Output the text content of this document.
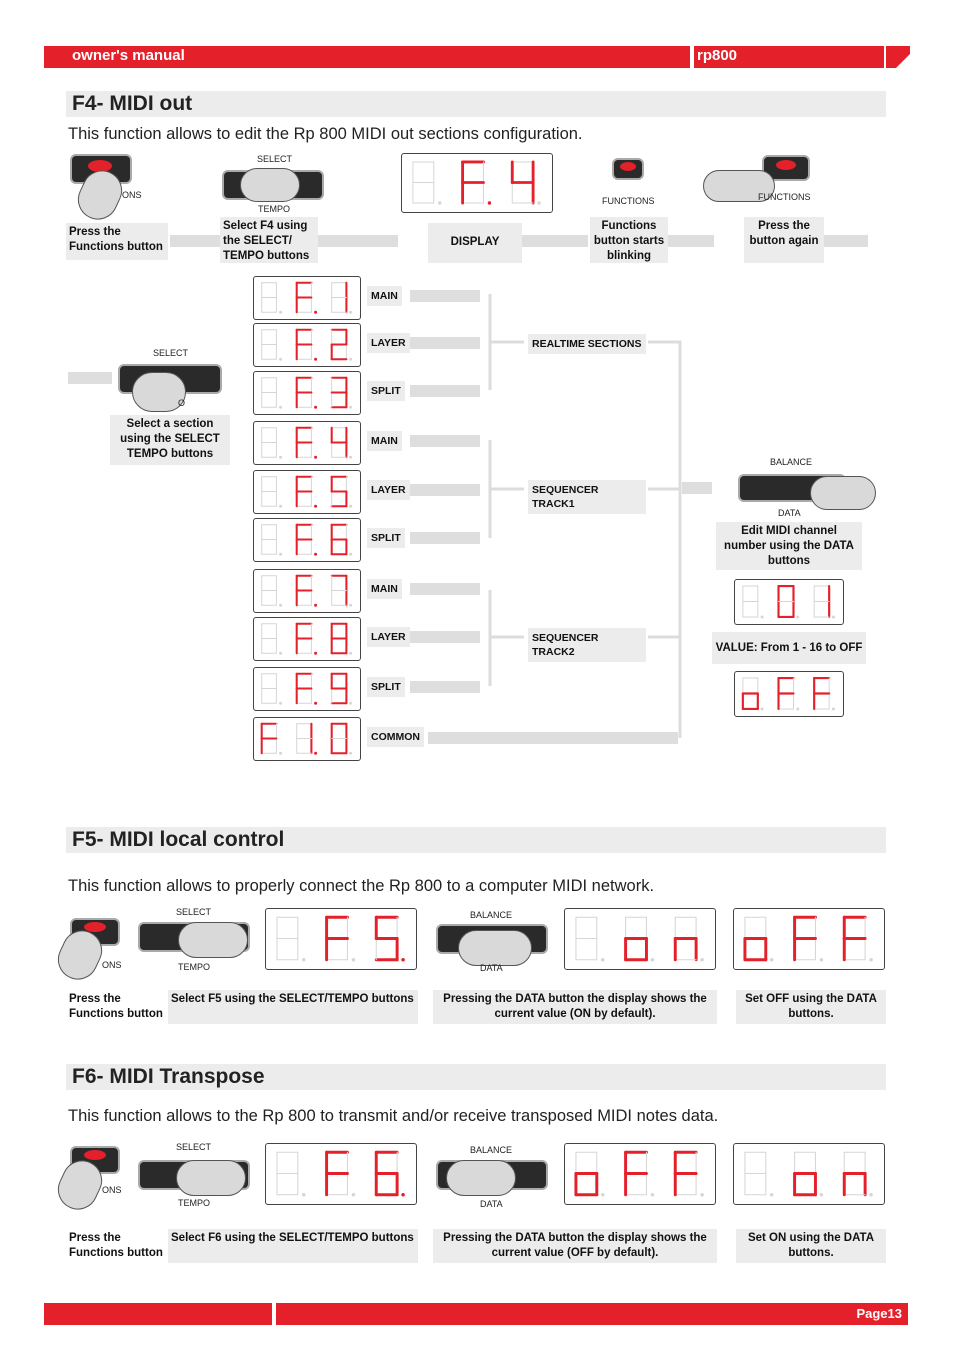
owner's manual	rp800
F4- MIDI out
This function allows to edit the Rp 800 MIDI out sections configuration.
ONS
Press the Functions button
SELECT
TEMPO
Select F4 using the SELECT/ TEMPO buttons
DISPLAY
FUNCTIONS
Functions button starts blinking
FUNCTIONS
Press the button again
SELECT
O
Select a section using the SELECT TEMPO buttons
MAIN
LAYER
SPLIT
MAIN
LAYER
SPLIT
MAIN
LAYER
SPLIT
COMMON
REALTIME SECTIONS
SEQUENCER TRACK1
SEQUENCER TRACK2
BALANCE
DATA
Edit MIDI channel number using the DATA buttons
VALUE: From 1 - 16 to OFF
F5- MIDI local control
This function allows to properly connect the Rp 800 to a computer MIDI network.
ONS
SELECT
TEMPO
BALANCE
DATA
Press the Functions button
Select F5 using the SELECT/TEMPO buttons	Pressing the DATA button the display shows the current value (ON by default).
Set OFF using the DATA buttons.
F6- MIDI Transpose
This function allows to the Rp 800 to transmit and/or receive transposed MIDI notes data.
ONS
SELECT
TEMPO
BALANCE
DATA
Press the Functions button
Select F6 using the SELECT/TEMPO buttons	Pressing the DATA button the display shows the current value (OFF by default).
Set ON using the DATA buttons.
Page13
